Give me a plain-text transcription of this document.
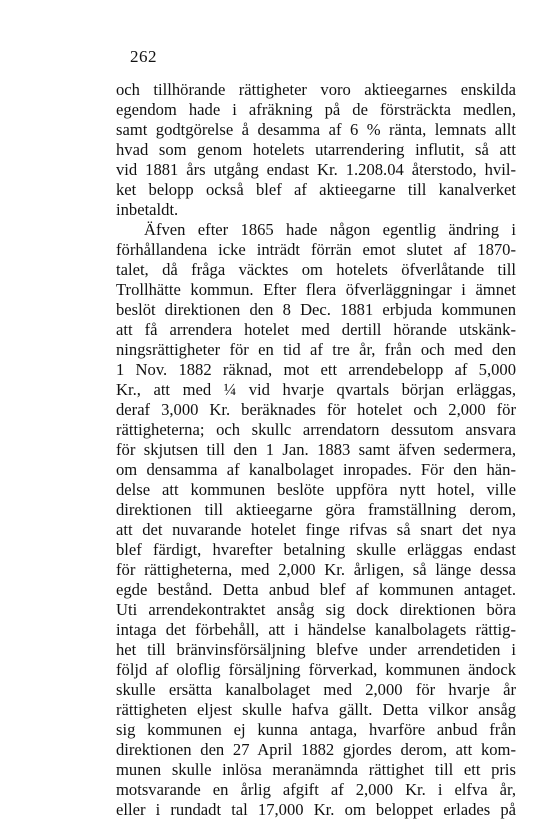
262
och tillhörande rättigheter voro aktieegarnes enskilda
egendom hade i afräkning på de försträckta medlen,
samt godtgörelse å desamma af 6 % ränta, lemnats allt
hvad som genom hotelets utarrendering influtit, så att
vid 1881 års utgång endast Kr. 1.208.04 återstodo, hvil-
ket belopp också blef af aktieegarne till kanalverket
inbetaldt.
Äfven efter 1865 hade någon egentlig ändring i
förhållandena icke inträdt förrän emot slutet af 1870-
talet, då fråga väcktes om hotelets öfverlåtande till
Trollhätte kommun. Efter flera öfverläggningar i ämnet
beslöt direktionen den 8 Dec. 1881 erbjuda kommunen
att få arrendera hotelet med dertill hörande utskänk-
ningsrättigheter för en tid af tre år, från och med den
1 Nov. 1882 räknad, mot ett arrendebelopp af 5,000
Kr., att med ¼ vid hvarje qvartals början erläggas,
deraf 3,000 Kr. beräknades för hotelet och 2,000 för
rättigheterna; och skullc arrendatorn dessutom ansvara
för skjutsen till den 1 Jan. 1883 samt äfven sedermera,
om densamma af kanalbolaget inropades. För den hän-
delse att kommunen beslöte uppföra nytt hotel, ville
direktionen till aktieegarne göra framställning derom,
att det nuvarande hotelet finge rifvas så snart det nya
blef färdigt, hvarefter betalning skulle erläggas endast
för rättigheterna, med 2,000 Kr. årligen, så länge dessa
egde bestånd. Detta anbud blef af kommunen antaget.
Uti arrendekontraktet ansåg sig dock direktionen böra
intaga det förbehåll, att i händelse kanalbolagets rättig-
het till bränvinsförsäljning blefve under arrendetiden i
följd af oloflig försäljning förverkad, kommunen ändock
skulle ersätta kanalbolaget med 2,000 för hvarje år
rättigheten eljest skulle hafva gällt. Detta vilkor ansåg
sig kommunen ej kunna antaga, hvarföre anbud från
direktionen den 27 April 1882 gjordes derom, att kom-
munen skulle inlösa meranämnda rättighet till ett pris
motsvarande en årlig afgift af 2,000 Kr. i elfva år,
eller i rundadt tal 17,000 Kr. om beloppet erlades på
